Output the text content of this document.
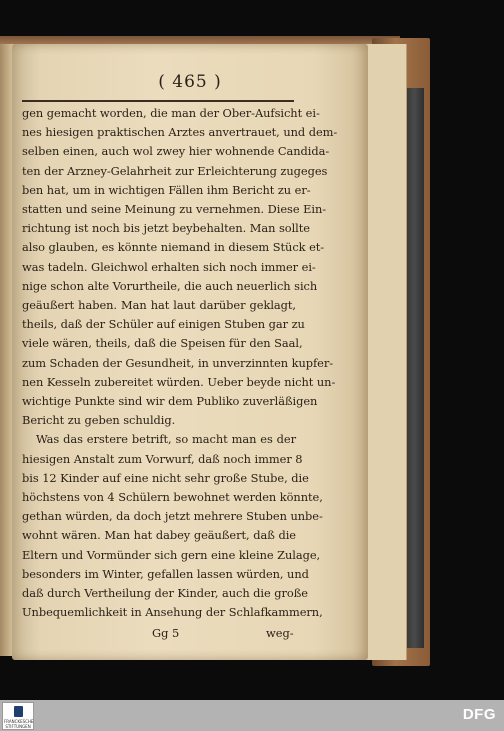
( 465 )
gen gemacht worden, die man der Ober-Aufsicht ei-
nes hiesigen praktischen Arztes anvertrauet, und dem-
selben einen, auch wol zwey hier wohnende Candida-
ten der Arzney-Gelahrheit zur Erleichterung zugeges
ben hat, um in wichtigen Fällen ihm Bericht zu er-
statten und seine Meinung zu vernehmen. Diese Ein-
richtung ist noch bis jetzt beybehalten. Man sollte
also glauben, es könnte niemand in diesem Stück et-
was tadeln. Gleichwol erhalten sich noch immer ei-
nige schon alte Vorurtheile, die auch neuerlich sich
geäußert haben. Man hat laut darüber geklagt,
theils, daß der Schüler auf einigen Stuben gar zu
viele wären, theils, daß die Speisen für den Saal,
zum Schaden der Gesundheit, in unverzinnten kupfer-
nen Kesseln zubereitet würden. Ueber beyde nicht un-
wichtige Punkte sind wir dem Publiko zuverläßigen
Bericht zu geben schuldig.
Was das erstere betrift, so macht man es der
hiesigen Anstalt zum Vorwurf, daß noch immer 8
bis 12 Kinder auf eine nicht sehr große Stube, die
höchstens von 4 Schülern bewohnet werden könnte,
gethan würden, da doch jetzt mehrere Stuben unbe-
wohnt wären. Man hat dabey geäußert, daß die
Eltern und Vormünder sich gern eine kleine Zulage,
besonders im Winter, gefallen lassen würden, und
daß durch Vertheilung der Kinder, auch die große
Unbequemlichkeit in Ansehung der Schlafkammern,
Gg 5	weg-
FRANCKESCHE STIFTUNGEN
DFG
